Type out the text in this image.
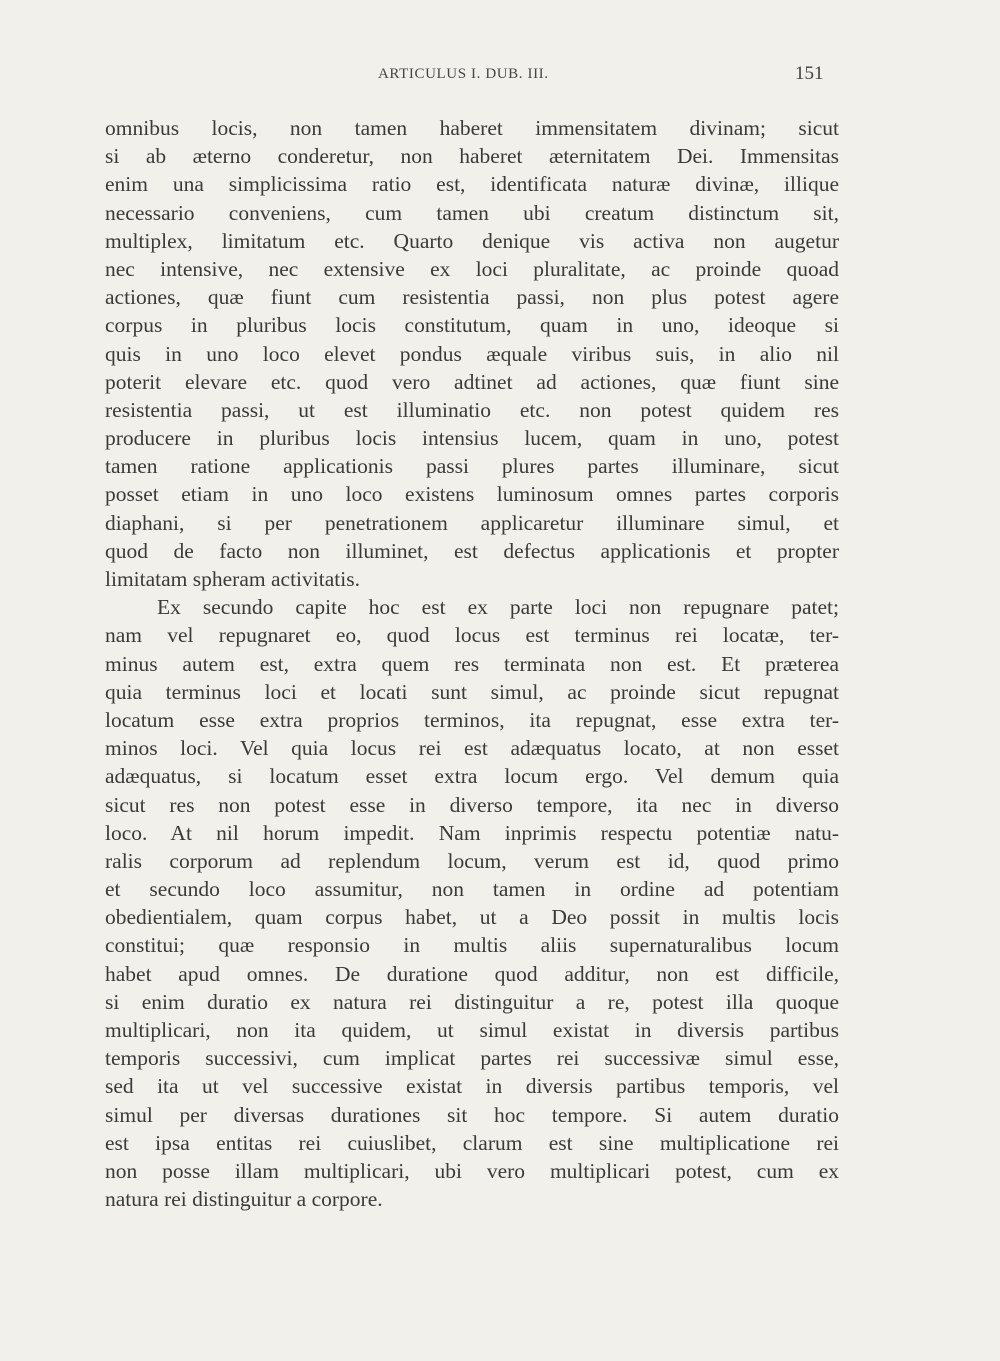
ARTICULUS I. DUB. III.	151
omnibus locis, non tamen haberet immensitatem divinam; sicut
si ab æterno conderetur, non haberet æternitatem Dei. Immensitas
enim una simplicissima ratio est, identificata naturæ divinæ, illique
necessario conveniens, cum tamen ubi creatum distinctum sit,
multiplex, limitatum etc. Quarto denique vis activa non augetur
nec intensive, nec extensive ex loci pluralitate, ac proinde quoad
actiones, quæ fiunt cum resistentia passi, non plus potest agere
corpus in pluribus locis constitutum, quam in uno, ideoque si
quis in uno loco elevet pondus æquale viribus suis, in alio nil
poterit elevare etc. quod vero adtinet ad actiones, quæ fiunt sine
resistentia passi, ut est illuminatio etc. non potest quidem res
producere in pluribus locis intensius lucem, quam in uno, potest
tamen ratione applicationis passi plures partes illuminare, sicut
posset etiam in uno loco existens luminosum omnes partes corporis
diaphani, si per penetrationem applicaretur illuminare simul, et
quod de facto non illuminet, est defectus applicationis et propter
limitatam spheram activitatis.
Ex secundo capite hoc est ex parte loci non repugnare patet;
nam vel repugnaret eo, quod locus est terminus rei locatæ, ter-
minus autem est, extra quem res terminata non est. Et præterea
quia terminus loci et locati sunt simul, ac proinde sicut repugnat
locatum esse extra proprios terminos, ita repugnat, esse extra ter-
minos loci. Vel quia locus rei est adæquatus locato, at non esset
adæquatus, si locatum esset extra locum ergo. Vel demum quia
sicut res non potest esse in diverso tempore, ita nec in diverso
loco. At nil horum impedit. Nam inprimis respectu potentiæ natu-
ralis corporum ad replendum locum, verum est id, quod primo
et secundo loco assumitur, non tamen in ordine ad potentiam
obedientialem, quam corpus habet, ut a Deo possit in multis locis
constitui; quæ responsio in multis aliis supernaturalibus locum
habet apud omnes. De duratione quod additur, non est difficile,
si enim duratio ex natura rei distinguitur a re, potest illa quoque
multiplicari, non ita quidem, ut simul existat in diversis partibus
temporis successivi, cum implicat partes rei successivæ simul esse,
sed ita ut vel successive existat in diversis partibus temporis, vel
simul per diversas durationes sit hoc tempore. Si autem duratio
est ipsa entitas rei cuiuslibet, clarum est sine multiplicatione rei
non posse illam multiplicari, ubi vero multiplicari potest, cum ex
natura rei distinguitur a corpore.
